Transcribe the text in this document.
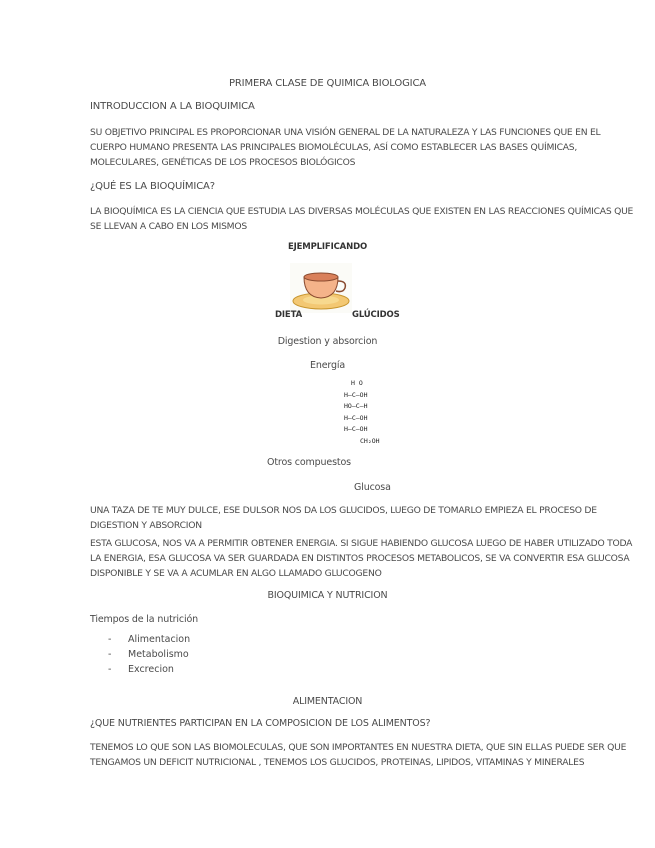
PRIMERA CLASE DE QUIMICA BIOLOGICA
INTRODUCCION A LA BIOQUIMICA
SU OBJETIVO PRINCIPAL ES PROPORCIONAR UNA VISIÓN GENERAL DE LA NATURALEZA Y LAS FUNCIONES QUE EN EL
CUERPO HUMANO PRESENTA LAS PRINCIPALES BIOMOLÉCULAS, ASÍ COMO ESTABLECER LAS BASES QUÍMICAS,
MOLECULARES, GENÉTICAS DE LOS PROCESOS BIOLÓGICOS
¿QUÉ ES LA BIOQUÍMICA?
LA BIOQUÍMICA ES LA CIENCIA QUE ESTUDIA LAS DIVERSAS MOLÉCULAS QUE EXISTEN EN LAS REACCIONES QUÍMICAS QUE
SE LLEVAN A CABO EN LOS MISMOS
EJEMPLIFICANDO
DIETA	GLÚCIDOS
Digestion y absorcion
Energía
H O
H—C—OH
HO—C—H
H—C—OH
H—C—OH
CH₂OH
Otros compuestos
Glucosa
UNA TAZA DE TE MUY DULCE, ESE DULSOR NOS DA LOS GLUCIDOS, LUEGO DE TOMARLO EMPIEZA EL PROCESO DE
DIGESTION Y ABSORCION
ESTA GLUCOSA, NOS VA A PERMITIR OBTENER ENERGIA. SI SIGUE HABIENDO GLUCOSA LUEGO DE HABER UTILIZADO TODA
LA ENERGIA, ESA GLUCOSA VA SER GUARDADA EN DISTINTOS PROCESOS METABOLICOS, SE VA CONVERTIR ESA GLUCOSA
DISPONIBLE Y SE VA A ACUMLAR EN ALGO LLAMADO GLUCOGENO
BIOQUIMICA Y NUTRICION
Tiempos de la nutrición
- Alimentacion
- Metabolismo
- Excrecion
ALIMENTACION
¿QUE NUTRIENTES PARTICIPAN EN LA COMPOSICION DE LOS ALIMENTOS?
TENEMOS LO QUE SON LAS BIOMOLECULAS, QUE SON IMPORTANTES EN NUESTRA DIETA, QUE SIN ELLAS PUEDE SER QUE
TENGAMOS UN DEFICIT NUTRICIONAL , TENEMOS LOS GLUCIDOS, PROTEINAS, LIPIDOS, VITAMINAS Y MINERALES
